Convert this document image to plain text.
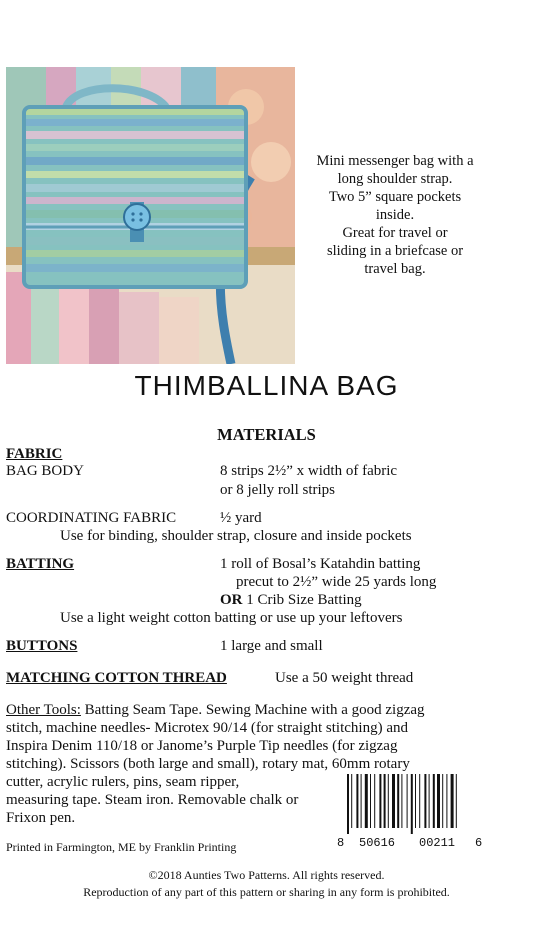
Mini messenger bag with a
long shoulder strap.
Two 5” square pockets
inside.
Great for travel or
sliding in a briefcase or
travel bag.
THIMBALLINA BAG
MATERIALS
FABRIC
BAG BODY	8 strips 2½” x width of fabric
or 8 jelly roll strips
COORDINATING FABRIC	½ yard
Use for binding, shoulder strap, closure and inside pockets
BATTING	1 roll of Bosal’s Katahdin batting
precut to 2½” wide 25 yards long
OR 1 Crib Size Batting
Use a light weight cotton batting or use up your leftovers
BUTTONS	1 large and small
MATCHING COTTON THREAD	Use a 50 weight thread
Other Tools: Batting Seam Tape. Sewing Machine with a good zigzag
stitch, machine needles- Microtex 90/14 (for straight stitching) and
Inspira Denim 110/18 or Janome’s Purple Tip needles (for zigzag
stitching). Scissors (both large and small), rotary mat, 60mm rotary
cutter, acrylic rulers, pins, seam ripper,
measuring tape. Steam iron. Removable chalk or
Frixon pen.
8 50616 00211 6
Printed in Farmington, ME by Franklin Printing
©2018 Aunties Two Patterns. All rights reserved.
Reproduction of any part of this pattern or sharing in any form is prohibited.
